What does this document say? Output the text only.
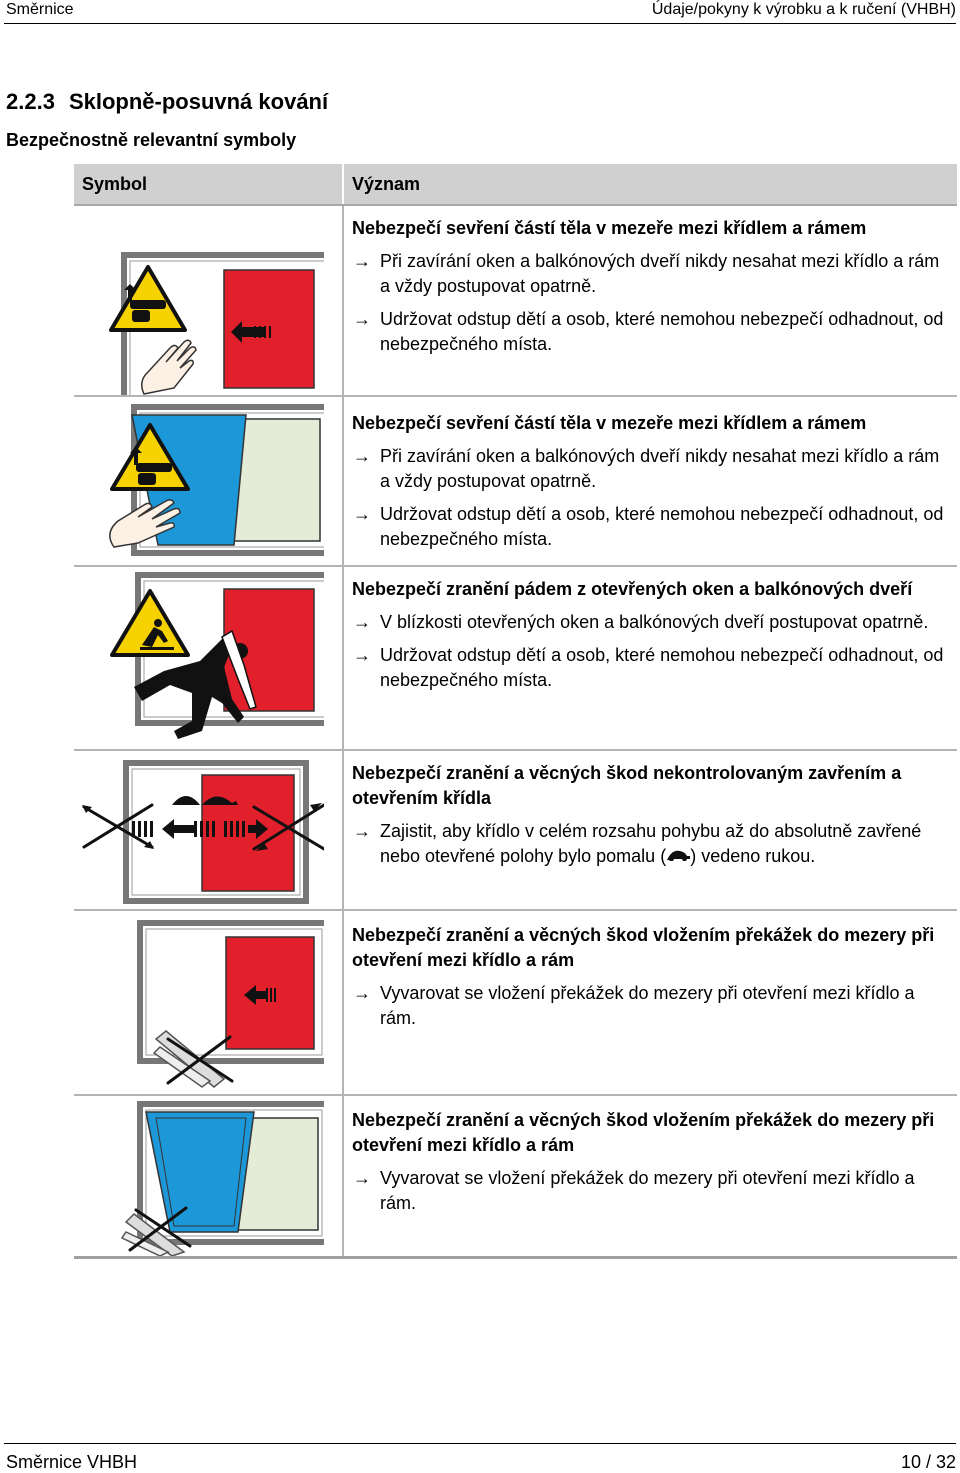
Směrnice	Údaje/pokyny k výrobku a k ručení (VHBH)
2.2.3 Sklopně-posuvná kování
Bezpečnostně relevantní symboly
Symbol	Význam

Nebezpečí sevření částí těla v mezeře mezi křídlem a rámem
→ Při zavírání oken a balkónových dveří nikdy nesahat mezi křídlo a rám a vždy postupovat opatrně.
→ Udržovat odstup dětí a osob, které nemohou nebezpečí odhadnout, od nebezpečného místa.

Nebezpečí sevření částí těla v mezeře mezi křídlem a rámem
→ Při zavírání oken a balkónových dveří nikdy nesahat mezi křídlo a rám a vždy postupovat opatrně.
→ Udržovat odstup dětí a osob, které nemohou nebezpečí odhadnout, od nebezpečného místa.

Nebezpečí zranění pádem z otevřených oken a balkónových dveří
→ V blízkosti otevřených oken a balkónových dveří postupovat opatrně.
→ Udržovat odstup dětí a osob, které nemohou nebezpečí odhadnout, od nebezpečného místa.

Nebezpečí zranění a věcných škod nekontrolovaným zavřením a otevřením křídla
→ Zajistit, aby křídlo v celém rozsahu pohybu až do absolutně zavřené nebo otevřené polohy bylo pomalu ( ) vedeno rukou.

Nebezpečí zranění a věcných škod vložením překážek do mezery při otevření mezi křídlo a rám
→ Vyvarovat se vložení překážek do mezery při otevření mezi křídlo a rám.

Nebezpečí zranění a věcných škod vložením překážek do mezery při otevření mezi křídlo a rám
→ Vyvarovat se vložení překážek do mezery při otevření mezi křídlo a rám.
Směrnice VHBH	10 / 32
